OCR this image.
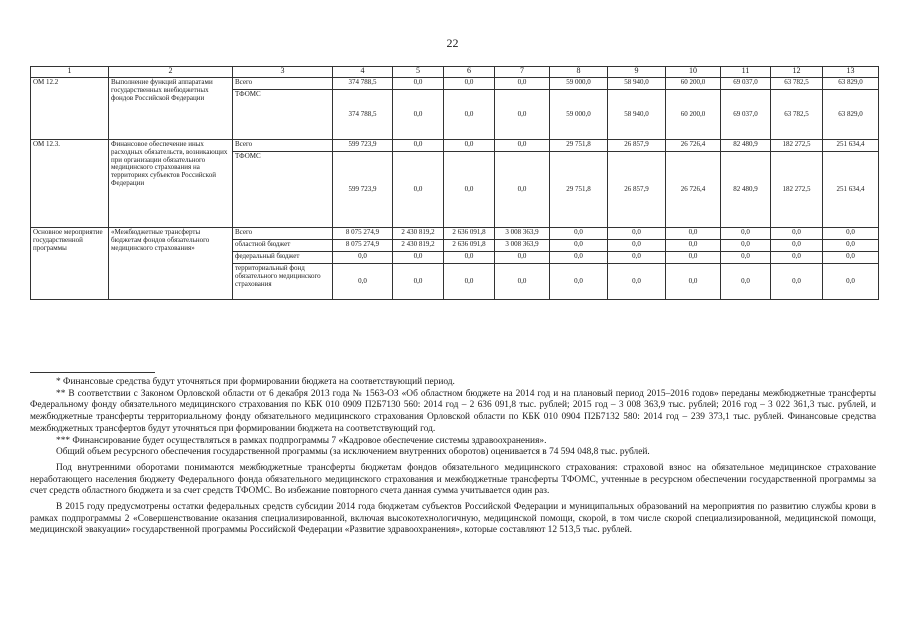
22
1	2	3	4	5	6	7	8	9	10	11	12	13
ОМ 12.2	Выполнение функций аппаратами государственных внебюджетных фондов Российской Федерации	Всего	374 788,5	0,0	0,0	0,0	59 000,0	58 940,0	60 200,0	69 037,0	63 782,5	63 829,0
		ТФОМС	374 788,5	0,0	0,0	0,0	59 000,0	58 940,0	60 200,0	69 037,0	63 782,5	63 829,0
ОМ 12.3.	Финансовое обеспечение иных расходных обязательств, возникающих при организации обязательного медицинского страхования на территориях субъектов Российской Федерации	Всего	599 723,9	0,0	0,0	0,0	29 751,8	26 857,9	26 726,4	82 480,9	182 272,5	251 634,4
		ТФОМС	599 723,9	0,0	0,0	0,0	29 751,8	26 857,9	26 726,4	82 480,9	182 272,5	251 634,4
Основное мероприятие государственной программы	«Межбюджетные трансферты бюджетам фондов обязательного медицинского страхования»	Всего	8 075 274,9	2 430 819,2	2 636 091,8	3 008 363,9	0,0	0,0	0,0	0,0	0,0	0,0
		областной бюджет	8 075 274,9	2 430 819,2	2 636 091,8	3 008 363,9	0,0	0,0	0,0	0,0	0,0	0,0
		федеральный бюджет	0,0	0,0	0,0	0,0	0,0	0,0	0,0	0,0	0,0	0,0
		территориальный фонд обязательного медицинского страхования	0,0	0,0	0,0	0,0	0,0	0,0	0,0	0,0	0,0	0,0

* Финансовые средства будут уточняться при формировании бюджета на соответствующий период.

** В соответствии с Законом Орловской области от 6 декабря 2013 года № 1563-ОЗ «Об областном бюджете на 2014 год и на плановый период 2015–2016 годов» переданы межбюджетные трансферты Федеральному фонду обязательного медицинского страхования по КБК 010 0909 П2Б7130 560: 2014 год – 2 636 091,8 тыс. рублей; 2015 год – 3 008 363,9 тыс. рублей; 2016 год – 3 022 361,3 тыс. рублей, и межбюджетные трансферты территориальному фонду обязательного медицинского страхования Орловской области по КБК 010 0904 П2Б7132 580: 2014 год – 239 373,1 тыс. рублей. Финансовые средства межбюджетных трансфертов будут уточняться при формировании бюджета на соответствующий год.

*** Финансирование будет осуществляться в рамках подпрограммы 7 «Кадровое обеспечение системы здравоохранения».

Общий объем ресурсного обеспечения государственной программы (за исключением внутренних оборотов) оценивается в 74 594 048,8 тыс. рублей.

Под внутренними оборотами понимаются межбюджетные трансферты бюджетам фондов обязательного медицинского страхования: страховой взнос на обязательное медицинское страхование неработающего населения бюджету Федерального фонда обязательного медицинского страхования и межбюджетные трансферты ТФОМС, учтенные в ресурсном обеспечении государственной программы за счет средств областного бюджета и за счет средств ТФОМС. Во избежание повторного счета данная сумма учитывается один раз.

В 2015 году предусмотрены остатки федеральных средств субсидии 2014 года бюджетам субъектов Российской Федерации и муниципальных образований на мероприятия по развитию службы крови в рамках подпрограммы 2 «Совершенствование оказания специализированной, включая высокотехнологичную, медицинской помощи, скорой, в том числе скорой специализированной, медицинской помощи, медицинской эвакуации» государственной программы Российской Федерации «Развитие здравоохранения», которые составляют 12 513,5 тыс. рублей.
